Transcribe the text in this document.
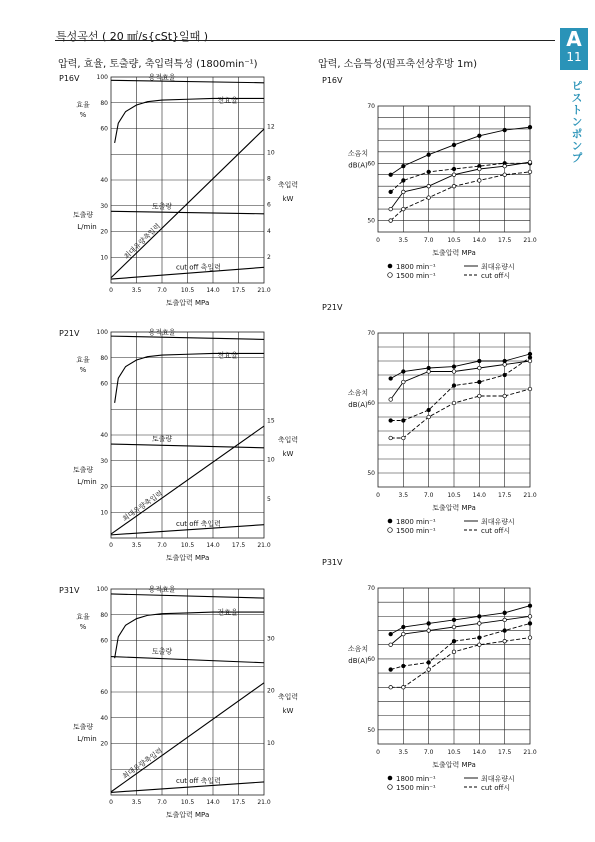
특성곡선 ( 20 ㎟/s{cSt}일때 )	A
11
ピストンポンプ
압력, 효율, 토출량, 축입력특성 (1800min⁻¹)	압력, 소음특성(펌프축선상후방 1m)
P16V
0	3.5	7.0 10.5 14.0 17.5 21.0
100
80
60
40
30
20
10	2
4
6
8
10
12
토출압력 MPa
효율
%
토출량
L/min
축입력
kW
용적효율
전효율
토출량
최대유량축입력
cut off 축입력
P16V
0	3.5	7.0 10.5 14.0 17.5 21.0
50
60
70
소음치
dB(A)
토출압력 MPa
1800 min⁻¹
1500 min⁻¹
최대유량시
cut off시
P21V
0	3.5	7.0 10.5 14.0 17.5 21.0
100
80
60
40
30
20
10
5
10
15
토출압력 MPa
효율
%
토출량
L/min
축입력
kW
용적효율
전효율
토출량
최대유량축입력
cut off 축입력
P21V
0	3.5	7.0 10.5 14.0 17.5 21.0
50
60
70
소음치
dB(A)
토출압력 MPa
1800 min⁻¹
1500 min⁻¹
최대유량시
cut off시
P31V
0	3.5	7.0 10.5 14.0 17.5 21.0
100
80
60
60
40
20	10
20
30
토출압력 MPa
효율
%
토출량
L/min
축입력
kW
용적효율
전효율
토출량
최대유량축입력
cut off 축입력
P31V
0	3.5	7.0 10.5 14.0 17.5 21.0
50
60
70
소음치
dB(A)
토출압력 MPa
1800 min⁻¹
1500 min⁻¹
최대유량시
cut off시
